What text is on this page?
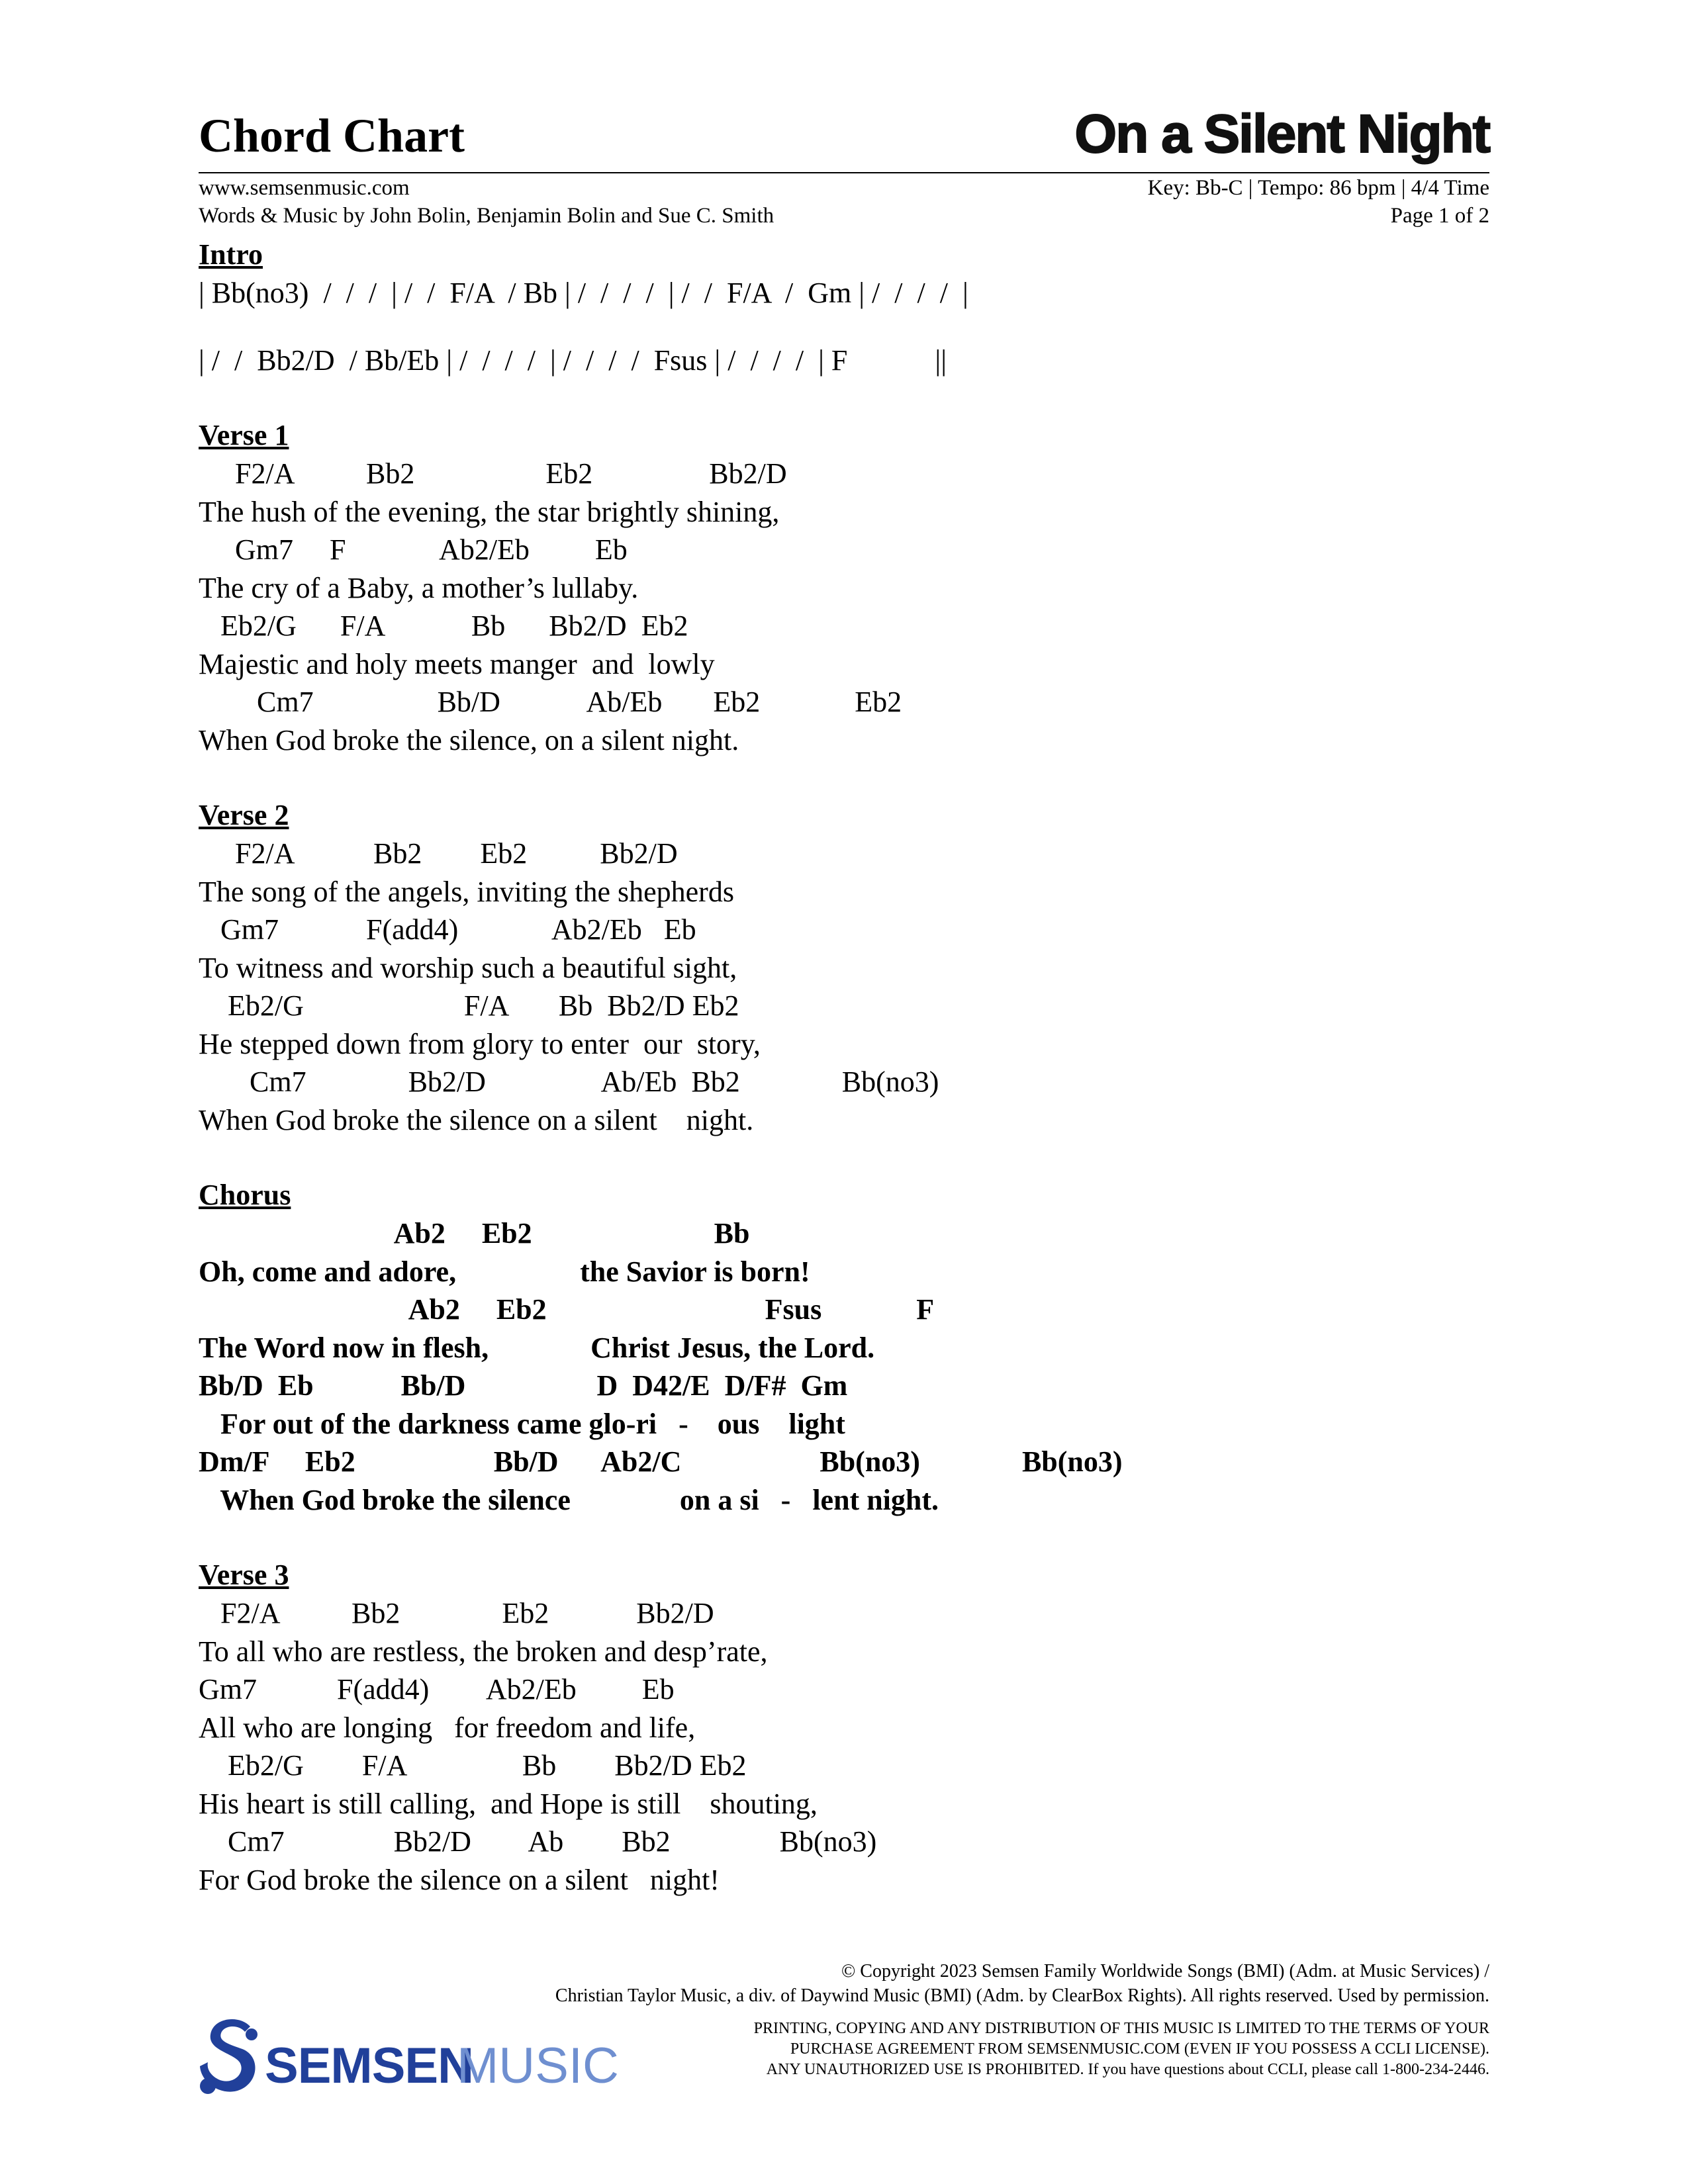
Chord Chart	On a Silent Night
www.semsenmusic.com
Words & Music by John Bolin, Benjamin Bolin and Sue C. Smith
Key: Bb-C | Tempo: 86 bpm | 4/4 Time
Page 1 of 2
Intro
| Bb(no3)  /  /  /  | /  /  F/A  / Bb | /  /  /  /  | /  /  F/A  /  Gm | /  /  /  /  |
| /  /  Bb2/D  / Bb/Eb | /  /  /  /  | /  /  /  /  Fsus | /  /  /  /  | F            ||
Verse 1
F2/A          Bb2                  Eb2                Bb2/D
The hush of the evening, the star brightly shining,
Gm7     F             Ab2/Eb         Eb
The cry of a Baby, a mother’s lullaby.
Eb2/G      F/A            Bb      Bb2/D  Eb2
Majestic and holy meets manger  and  lowly
Cm7                 Bb/D            Ab/Eb       Eb2             Eb2
When God broke the silence, on a silent night.
Verse 2
F2/A           Bb2        Eb2          Bb2/D
The song of the angels, inviting the shepherds
Gm7            F(add4)             Ab2/Eb   Eb
To witness and worship such a beautiful sight,
Eb2/G                      F/A       Bb  Bb2/D Eb2
He stepped down from glory to enter  our  story,
Cm7              Bb2/D                Ab/Eb  Bb2              Bb(no3)
When God broke the silence on a silent    night.
Chorus
Ab2     Eb2                         Bb
Oh, come and adore,                 the Savior is born!
Ab2     Eb2                              Fsus             F
The Word now in flesh,              Christ Jesus, the Lord.
Bb/D  Eb            Bb/D                  D  D42/E  D/F#  Gm
For out of the darkness came glo-ri   -    ous    light
Dm/F     Eb2                   Bb/D      Ab2/C                   Bb(no3)              Bb(no3)
When God broke the silence               on a si   -   lent night.
Verse 3
F2/A          Bb2              Eb2            Bb2/D
To all who are restless, the broken and desp’rate,
Gm7           F(add4)        Ab2/Eb         Eb
All who are longing   for freedom and life,
Eb2/G        F/A                Bb        Bb2/D Eb2
His heart is still calling,  and Hope is still    shouting,
Cm7               Bb2/D        Ab        Bb2               Bb(no3)
For God broke the silence on a silent   night!
© Copyright 2023 Semsen Family Worldwide Songs (BMI) (Adm. at Music Services) /
Christian Taylor Music, a div. of Daywind Music (BMI) (Adm. by ClearBox Rights). All rights reserved. Used by permission.
PRINTING, COPYING AND ANY DISTRIBUTION OF THIS MUSIC IS LIMITED TO THE TERMS OF YOUR
PURCHASE AGREEMENT FROM SEMSENMUSIC.COM (EVEN IF YOU POSSESS A CCLI LICENSE).
ANY UNAUTHORIZED USE IS PROHIBITED. If you have questions about CCLI, please call 1-800-234-2446.
SEMSEN
MUSIC
